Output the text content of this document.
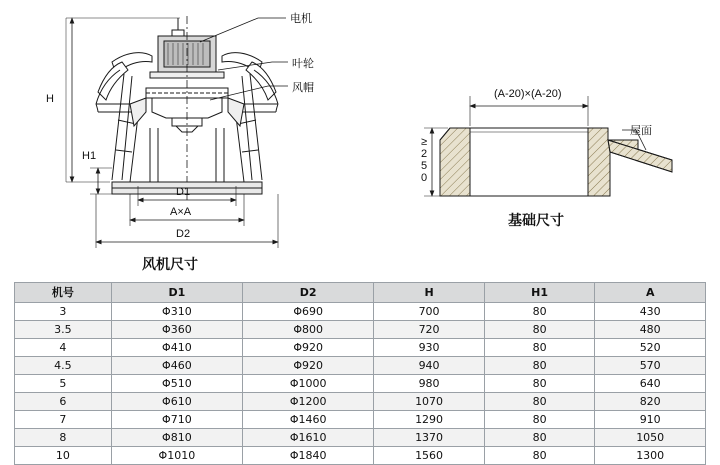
电机
叶轮
风帽
H
H1
D1
A×A
D2
风机尺寸
(A-20)×(A-20)
≥250
屋面
基础尺寸
机号	D1	D2	H	H1	A
3	Φ310	Φ690	700	80	430
3.5	Φ360	Φ800	720	80	480
4	Φ410	Φ920	930	80	520
4.5	Φ460	Φ920	940	80	570
5	Φ510	Φ1000	980	80	640
6	Φ610	Φ1200	1070	80	820
7	Φ710	Φ1460	1290	80	910
8	Φ810	Φ1610	1370	80	1050
10	Φ1010	Φ1840	1560	80	1300
